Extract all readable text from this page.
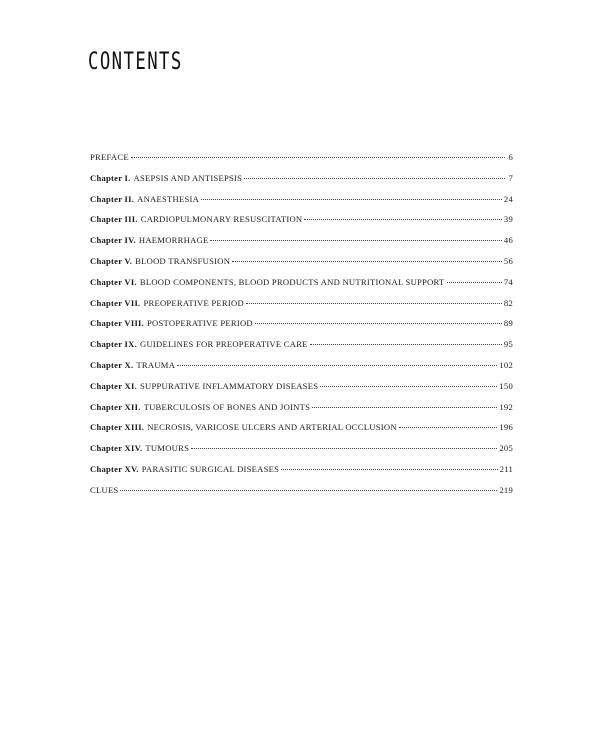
CONTENTS
PREFACE	6
Chapter I. ASEPSIS AND ANTISEPSIS	7
Chapter II. ANAESTHESIA	24
Chapter III. CARDIOPULMONARY RESUSCITATION	39
Chapter IV. HAEMORRHAGE	46
Chapter V. BLOOD TRANSFUSION	56
Chapter VI. BLOOD COMPONENTS, BLOOD PRODUCTS AND NUTRITIONAL SUPPORT	74
Chapter VII. PREOPERATIVE PERIOD	82
Chapter VIII. POSTOPERATIVE PERIOD	89
Chapter IX. GUIDELINES FOR PREOPERATIVE CARE	95
Chapter X. TRAUMA	102
Chapter XI. SUPPURATIVE INFLAMMATORY DISEASES	150
Chapter XII. TUBERCULOSIS OF BONES AND JOINTS	192
Chapter XIII. NECROSIS, VARICOSE ULCERS AND ARTERIAL OCCLUSION	196
Chapter XIV. TUMOURS	205
Chapter XV. PARASITIC SURGICAL DISEASES	211
CLUES	219
